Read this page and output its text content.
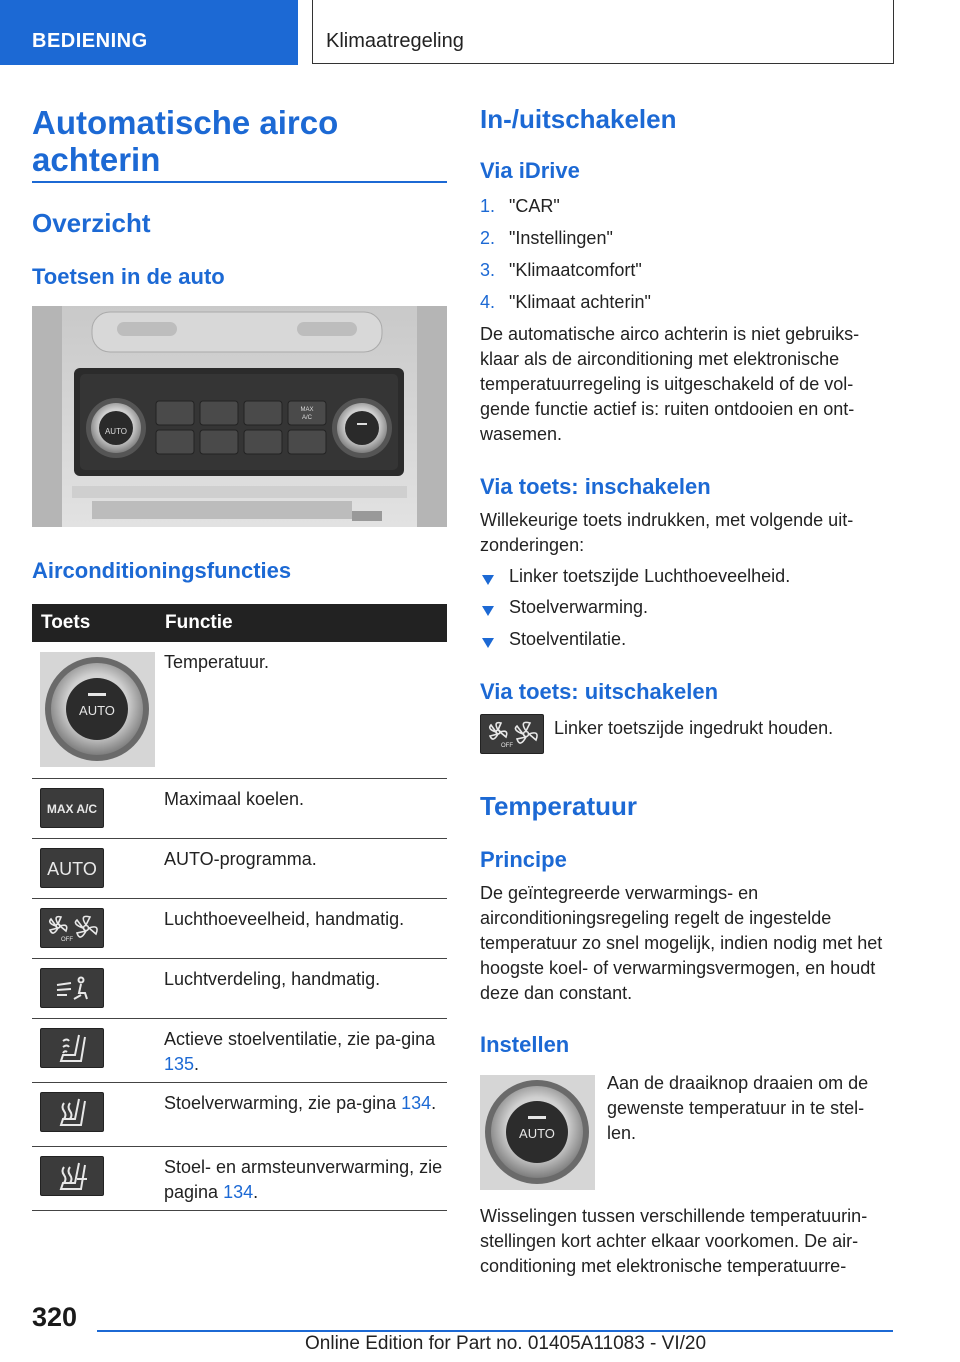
BEDIENING	Klimaatregeling
Automatische airco achterin
Overzicht
Toetsen in de auto
AUTO
MAX
A/C
Airconditioningsfuncties
Toets	Functie

AUTO	Temperatuur.

MAX A/C	Maximaal koelen.

AUTO	AUTO-programma.

OFF	Luchthoeveelheid, handmatig.

	Luchtverdeling, handmatig.

	Actieve stoelventilatie, zie pa-gina 135.

	Stoelverwarming, zie pa-gina 134.

	Stoel- en armsteunverwarming, zie pagina 134.
In-/uitschakelen
Via iDrive
1. "CAR"
2. "Instellingen"
3. "Klimaatcomfort"
4. "Klimaat achterin"

De automatische airco achterin is niet gebruiks-klaar als de airconditioning met elektronische temperatuurregeling is uitgeschakeld of de vol-gende functie actief is: ruiten ontdooien en ont-wasemen.

Via toets: inschakelen

Willekeurige toets indrukken, met volgende uit-zonderingen:

Linker toetszijde Luchthoeveelheid.
Stoelverwarming.
Stoelventilatie.
Via toets: uitschakelen
OFF
Linker toetszijde ingedrukt houden.
Temperatuur
Principe

De geïntegreerde verwarmings- en airconditioningsregeling regelt de ingestelde temperatuur zo snel mogelijk, indien nodig met het hoogste koel- of verwarmingsvermogen, en houdt deze dan constant.

Instellen
AUTO

Aan de draaiknop draaien om de gewenste temperatuur in te stel-len.

Wisselingen tussen verschillende temperatuurin-stellingen kort achter elkaar voorkomen. De air-conditioning met elektronische temperatuurre-

320
Online Edition for Part no. 01405A11083 - VI/20
